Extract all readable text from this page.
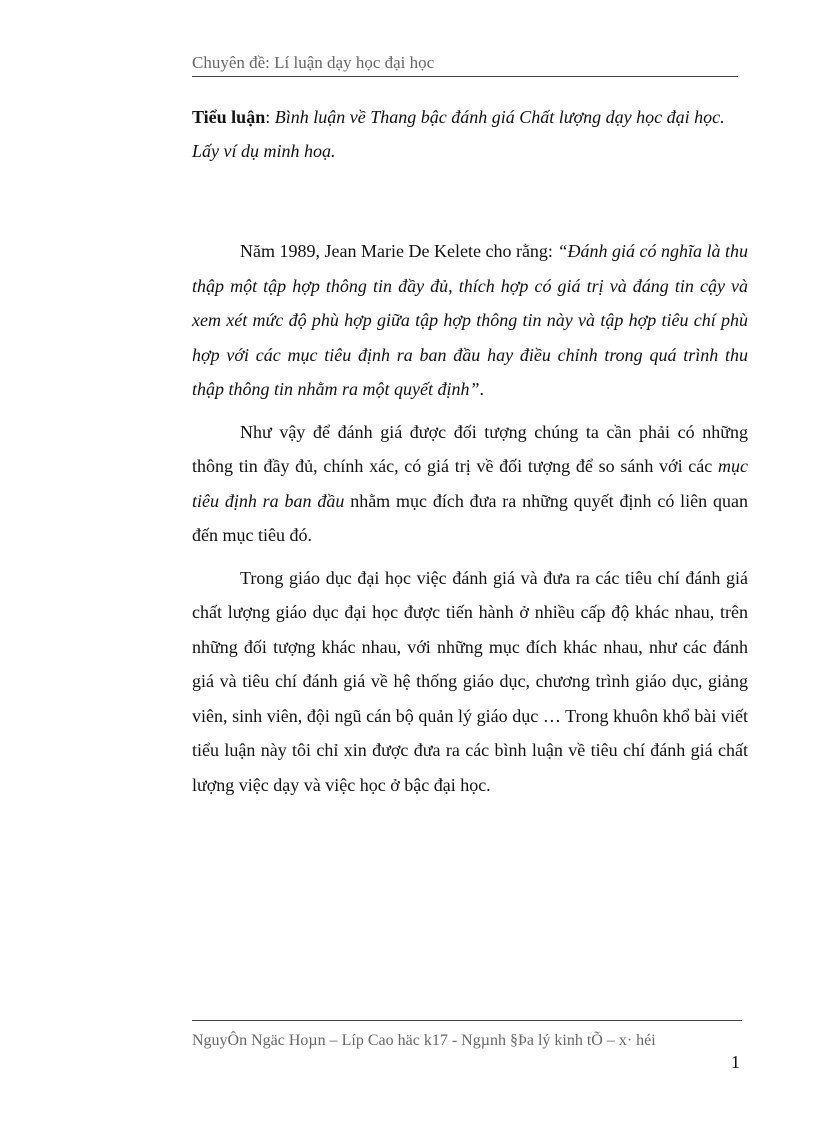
Chuyên đề: Lí luận dạy học đại học
Tiểu luận: Bình luận về Thang bậc đánh giá Chất lượng dạy học đại học. Lấy ví dụ minh hoạ.

Năm 1989, Jean Marie De Kelete cho rằng: “Đánh giá có nghĩa là thu thập một tập hợp thông tin đầy đủ, thích hợp có giá trị và đáng tin cậy và xem xét mức độ phù hợp giữa tập hợp thông tin này và tập hợp tiêu chí phù hợp với các mục tiêu định ra ban đầu hay điều chỉnh trong quá trình thu thập thông tin nhằm ra một quyết định”.

Như vậy để đánh giá được đối tượng chúng ta cần phải có những thông tin đầy đủ, chính xác, có giá trị về đối tượng để so sánh với các mục tiêu định ra ban đầu nhằm mục đích đưa ra những quyết định có liên quan đến mục tiêu đó.

Trong giáo dục đại học việc đánh giá và đưa ra các tiêu chí đánh giá chất lượng giáo dục đại học được tiến hành ở nhiều cấp độ khác nhau, trên những đối tượng khác nhau, với những mục đích khác nhau, như các đánh giá và tiêu chí đánh giá về hệ thống giáo dục, chương trình giáo dục, giảng viên, sinh viên, đội ngũ cán bộ quản lý giáo dục … Trong khuôn khổ bài viết tiểu luận này tôi chỉ xin được đưa ra các bình luận về tiêu chí đánh giá chất lượng việc dạy và việc học ở bậc đại học.

NguyÔn Ngäc Hoµn – Líp Cao häc k17 - Ngµnh §Þa lý kinh tÕ – x· héi
1
